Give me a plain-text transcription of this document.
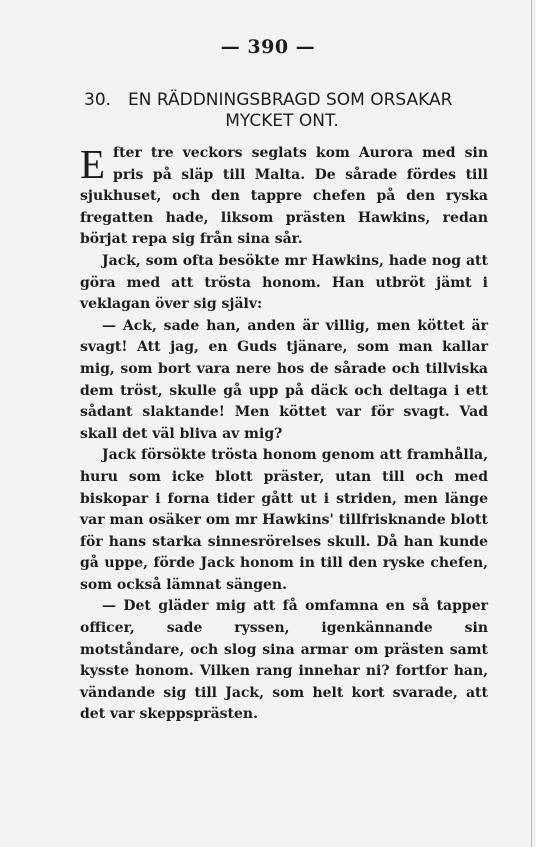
— 390 —
30. EN RÄDDNINGSBRAGD SOM ORSAKAR
MYCKET ONT.

Efter tre veckors seglats kom Aurora med sin pris på släp till Malta. De sårade fördes till sjukhuset, och den tappre chefen på den ryska fregatten hade, liksom prästen Hawkins, redan börjat repa sig från sina sår.

Jack, som ofta besökte mr Hawkins, hade nog att göra med att trösta honom. Han utbröt jämt i veklagan över sig själv:

— Ack, sade han, anden är villig, men köttet är svagt! Att jag, en Guds tjänare, som man kallar mig, som bort vara nere hos de sårade och tillviska dem tröst, skulle gå upp på däck och deltaga i ett sådant slaktande! Men köttet var för svagt. Vad skall det väl bliva av mig?

Jack försökte trösta honom genom att framhålla, huru som icke blott präster, utan till och med biskopar i forna tider gått ut i striden, men länge var man osäker om mr Hawkins' tillfrisknande blott för hans starka sinnesrörelses skull. Då han kunde gå uppe, förde Jack honom in till den ryske chefen, som också lämnat sängen.

— Det gläder mig att få omfamna en så tapper officer, sade ryssen, igenkännande sin motståndare, och slog sina armar om prästen samt kysste honom. Vilken rang innehar ni? fortfor han, vändande sig till Jack, som helt kort svarade, att det var skeppsprästen.
